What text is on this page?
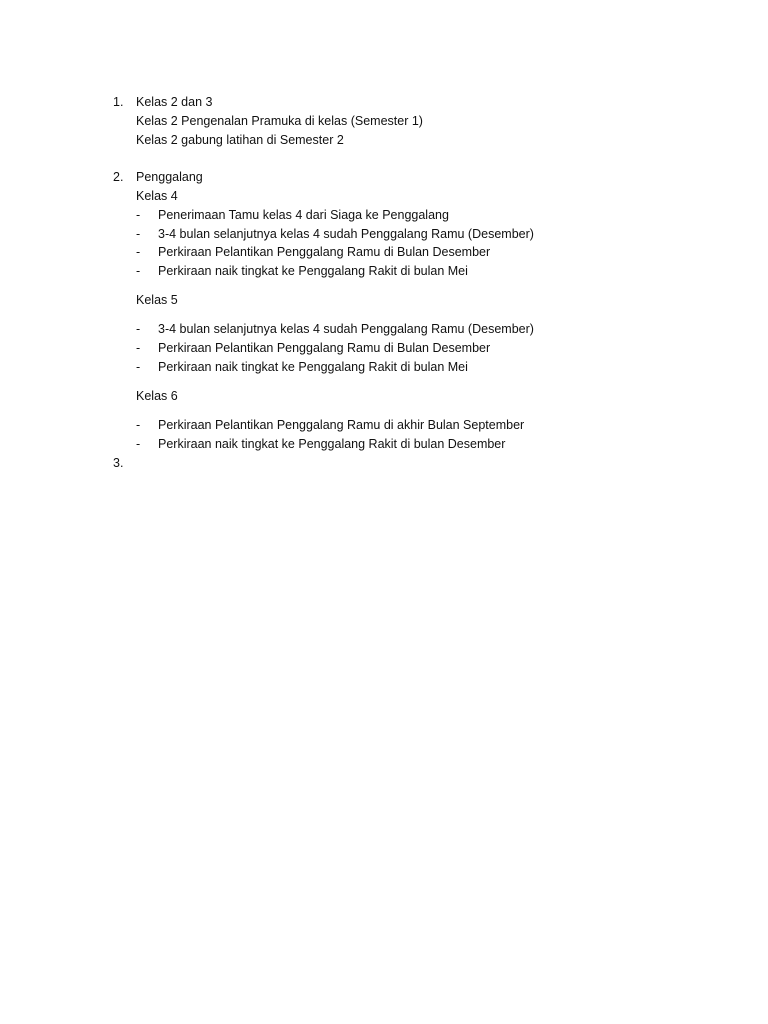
1. Kelas 2 dan 3
Kelas 2 Pengenalan Pramuka di kelas (Semester 1)
Kelas 2 gabung latihan di Semester 2
2. Penggalang
Kelas 4
- Penerimaan Tamu kelas 4 dari Siaga ke Penggalang
- 3-4 bulan selanjutnya kelas 4 sudah Penggalang Ramu (Desember)
- Perkiraan Pelantikan Penggalang Ramu di Bulan Desember
- Perkiraan naik tingkat ke Penggalang Rakit di bulan Mei
Kelas 5
- 3-4 bulan selanjutnya kelas 4 sudah Penggalang Ramu (Desember)
- Perkiraan Pelantikan Penggalang Ramu di Bulan Desember
- Perkiraan naik tingkat ke Penggalang Rakit di bulan Mei
Kelas 6
- Perkiraan Pelantikan Penggalang Ramu di akhir Bulan September
- Perkiraan naik tingkat ke Penggalang Rakit di bulan Desember
3.
